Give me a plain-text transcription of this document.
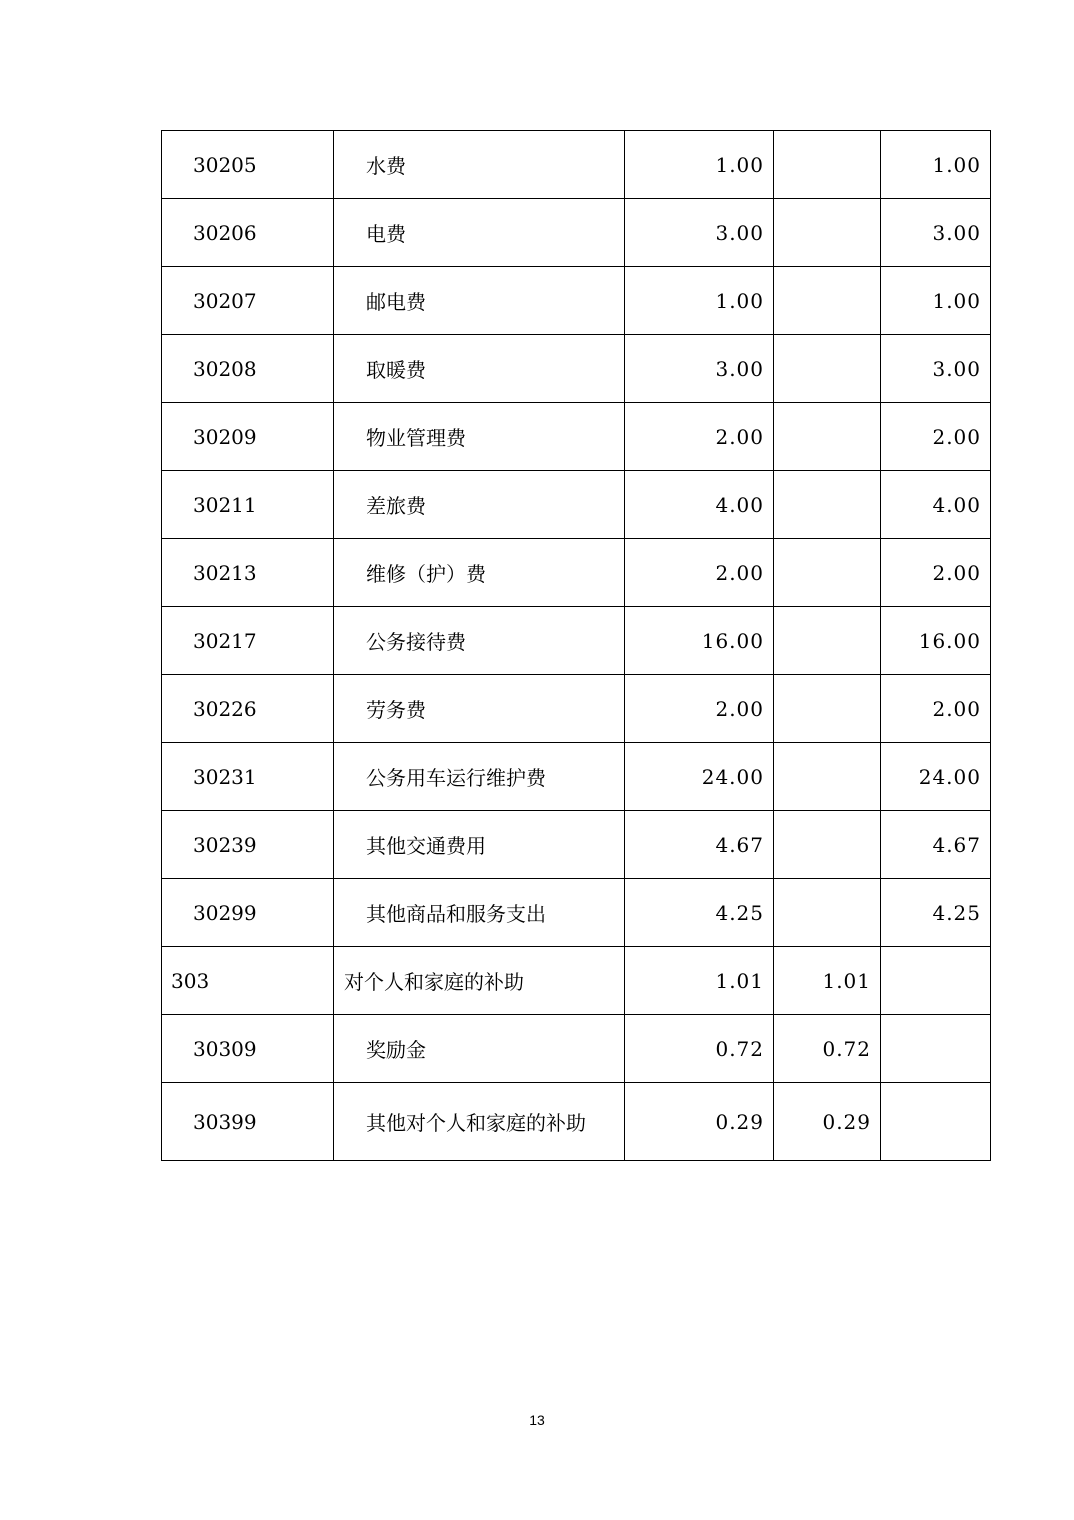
30205	水费	1.00		1.00
30206	电费	3.00		3.00
30207	邮电费	1.00		1.00
30208	取暖费	3.00		3.00
30209	物业管理费	2.00		2.00
30211	差旅费	4.00		4.00
30213	维修（护）费	2.00		2.00
30217	公务接待费	16.00		16.00
30226	劳务费	2.00		2.00
30231	公务用车运行维护费	24.00		24.00
30239	其他交通费用	4.67		4.67
30299	其他商品和服务支出	4.25		4.25
303	对个人和家庭的补助	1.01	1.01	
30309	奖励金	0.72	0.72	
30399	其他对个人和家庭的补助	0.29	0.29	
13
